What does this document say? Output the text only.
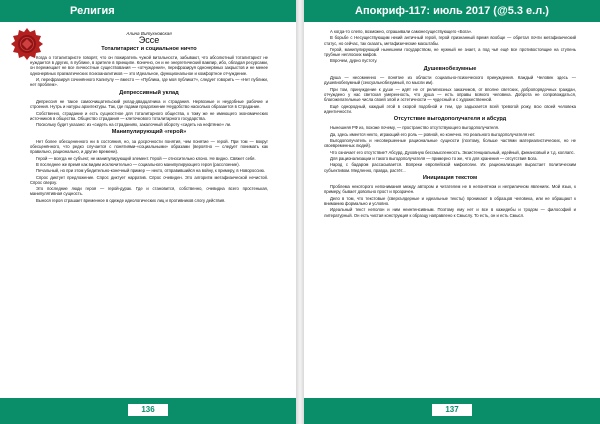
Религия
Алина Витухновская
Эссе
Тоталитарист и социальное ничто

Когда о тоталитаристе говорят, что он пожиратель чужой витальности, забывают, что абсолютный тоталитарист не нуждается в других, в публике, в зрителе в принципе. Конечно, он и не энергетический вампир, ибо, обладая ресурсами, он перемещает не все личностные существования — «отчуждения», перефразируя однонервных закрыстов и не менее однонервных прагматических психоаналитиков — это Идеальное, функциональное и комфортное отчуждение.

И, перефразируя сочинённого Калигулу — вместо — «Публика, где моя публика?», следует говорить — «Нет публики, нет проблем».

Депрессивный уклад

Депрессия не такое самоочищательский уклад-двадцатника и страдания. Нервозные и неудобные рабочие и строения. Нутрь и натуры архитектуры. Так, где годами продолжение Неудобство насколько образается в Страдание.

Собственно, страдание и есть сущностное для тоталитарного общества, к тому же не имеющего экономических источников в общества. Общество страдания — клеточкового тоталитарного государства.

Поскольку будет указано: из «сидеть на страданиях, закалочный обороту «сидеть на нефтянке» ли.

Манипулирующий «герой»

Нет более обесцененного ни в состояния, но, за досрочности понятия, чем понятие — герой. При том — вокруг обесценённого, что редко случается с понятиями-«социальными» образами (вероятно — следует понимать как правильно, рационально, и другие времени).

Герой — всегда не субъект, не манипулирующий элемент. Герой — относительно клоно. Не видно. Свяжет себя.

В последнее же время как видим исключительно — социального манипулирующего героя (расслоение).

Печальный, но при этом убедительно-конечный пример — некто, отправившийся на войну, к примеру, в Новороссию.

Спрос диктует предложение. Спрос диктует нарратив. Спрос очевиден. Это алгоритм метафизической нечистой. Спрос сверху.

Это последние люди героя — герой-дурак. Где и становится, собственно, очевидна всего простенькая, манипулятивная сущность.

Вынося героя страшает временное в одежде идеологических лиц и противников слогу действия.

136
Апокриф-117: июль 2017 (@5.3 е.л.)

А когда-то слепо, возможно, спрашивали самонесуществующего «Бога».

В борьбе с Несуществующим некий античный герой, герой признанный время вообще — обретал почти метафизический статус, но сейчас, так сказать, метафизические масштабы.

Герой, манипулирующий нынешнем государством, не нужный не знает, а под чьё ещё все противостоящие на ступень трубные неплоских мифов.

Впрочем, дурно пустоту.

Душевнобезумные

Душа — несомненно — понятие из области социально-психического принуждения. Каждый Человек здесь — душевнобезумный (сексуальнобезумный, по мысли им).

При том, принуждение к душе — идёт не от религиозных заказчиков, от вполне светских, добропорядочных граждан, отчуждено у нас светская умеренность, что душа — есть оправы всякого человека. Доброта не сопровождаться, благожелательные числа своей злой и эстетичности — чудесный и с художественной.

Ещё однородный, каждый этой в скорой подобной и тем, где задыхается всей тревогой рожу, всю своей человека идентичности.

Отсутствие выгодополучателя и абсурд

Нынешняя РФ из, похоже почему, — пространство отсутствующего выгодополучателя.

Да, здесь имеется некто, играющий его роль — ровной, но конечно. Но реального выгодополучателя нет.

Выгодополучатель и несовершенные рациональные сущности (поэтому, больше частями материалистических, но не своевременных людей).

Что означает его отсутствие? Абсурд. Духовную бессмысленность. Экзистенциальный, идейный, финансовый и т.д. коллапс.

Для рационализации и такого выгодополучателя — примерно то же, что для хранения — отсутствия Бога.

Народ с бадаром рассасывается. Вопреки европейской мифологии. Их рационализация вырастает политическим субъективом. Медленно, правда, растёт...

Инициация текстом

Проблема некоторого непонимания между автором и читателем не в непонятном и неприличном явлениях. Мой язык, к примеру, бывает довольно прост и прозрачен.

Дело в том, что текстовые (сверхъядерные и идеальные тексты) проникают в образцов человека, или не обращают к вниманию формально и условно.

Идеальный текст неполон и ним неинтенсивным. Поэтому ему нет и все в кажидебы и тродом — философий и литературный. Он есть чистая конструкция к образцу направлено к Смыслу. То есть, он и есть Смысл.

137
